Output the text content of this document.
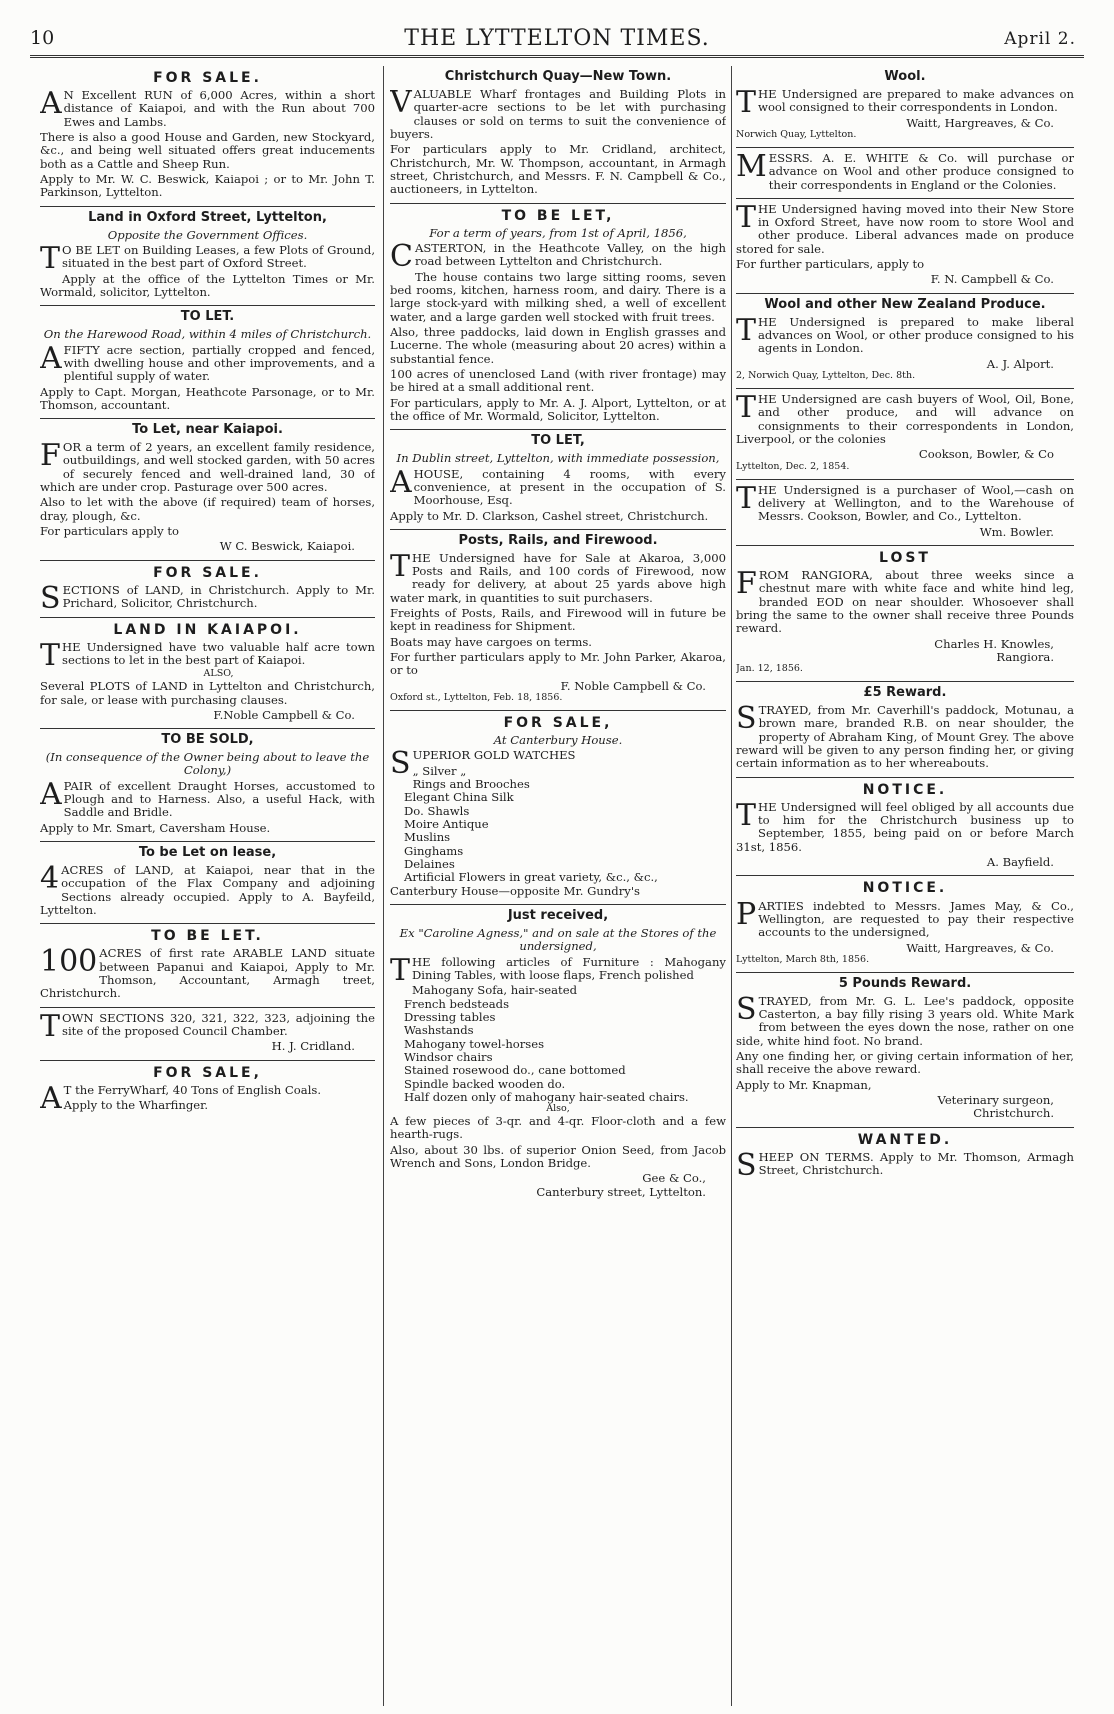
10	THE LYTTELTON TIMES.	April 2.
FOR SALE.

A N Excellent RUN of 6,000 Acres, within a short distance of Kaiapoi, and with the Run about 700 Ewes and Lambs.

There is also a good House and Garden, new Stockyard, &c., and being well situated offers great inducements both as a Cattle and Sheep Run.

Apply to Mr. W. C. Beswick, Kaiapoi ; or to Mr. John T. Parkinson, Lyttelton.

Land in Oxford Street, Lyttelton,
Opposite the Government Offices.

T O BE LET on Building Leases, a few Plots of Ground, situated in the best part of Oxford Street.

Apply at the office of the Lyttelton Times or Mr. Wormald, solicitor, Lyttelton.

TO LET.
On the Harewood Road, within 4 miles of Christchurch.

AFIFTY acre section, partially cropped and fenced, with dwelling house and other improvements, and a plentiful supply of water.

Apply to Capt. Morgan, Heathcote Parsonage, or to Mr. Thomson, accountant.

To Let, near Kaiapoi.

FOR a term of 2 years, an excellent family residence, outbuildings, and well stocked garden, with 50 acres of securely fenced and well-drained land, 30 of which are under crop. Pasturage over 500 acres.

Also to let with the above (if required) team of horses, dray, plough, &c.

For particulars apply to

W C. Beswick, Kaiapoi.
FOR SALE.

SECTIONS of LAND, in Christchurch. Apply to Mr. Prichard, Solicitor, Christchurch.

LAND IN KAIAPOI.

THE Undersigned have two valuable half acre town sections to let in the best part of Kaiapoi.

ALSO,

Several PLOTS of LAND in Lyttelton and Christchurch, for sale, or lease with purchasing clauses.

F.Noble Campbell & Co.
TO BE SOLD,
(In consequence of the Owner being about to leave the Colony,)

APAIR of excellent Draught Horses, accustomed to Plough and to Harness. Also, a useful Hack, with Saddle and Bridle.

Apply to Mr. Smart, Caversham House.

To be Let on lease,

4 ACRES of LAND, at Kaiapoi, near that in the occupation of the Flax Company and adjoining Sections already occupied. Apply to A. Bayfeild, Lyttelton.

TO BE LET.

100 ACRES of first rate ARABLE LAND situate between Papanui and Kaiapoi, Apply to Mr. Thomson, Accountant, Armagh treet, Christchurch.

TOWN SECTIONS 320, 321, 322, 323, adjoining the site of the proposed Council Chamber.

H. J. Cridland.
FOR SALE,

A T the FerryWharf, 40 Tons of English Coals.

Apply to the Wharfinger.

Christchurch Quay—New Town.

VALUABLE Wharf frontages and Building Plots in quarter-acre sections to be let with purchasing clauses or sold on terms to suit the convenience of buyers.

For particulars apply to Mr. Cridland, architect, Christchurch, Mr. W. Thompson, accountant, in Armagh street, Christchurch, and Messrs. F. N. Campbell & Co., auctioneers, in Lyttelton.

TO BE LET,
For a term of years, from 1st of April, 1856,

CASTERTON, in the Heathcote Valley, on the high road between Lyttelton and Christchurch.

The house contains two large sitting rooms, seven bed rooms, kitchen, harness room, and dairy. There is a large stock-yard with milking shed, a well of excellent water, and a large garden well stocked with fruit trees.

Also, three paddocks, laid down in English grasses and Lucerne. The whole (measuring about 20 acres) within a substantial fence.

100 acres of unenclosed Land (with river frontage) may be hired at a small additional rent.

For particulars, apply to Mr. A. J. Alport, Lyttelton, or at the office of Mr. Wormald, Solicitor, Lyttelton.

TO LET,
In Dublin street, Lyttelton, with immediate possession,

AHOUSE, containing 4 rooms, with every convenience, at present in the occupation of S. Moorhouse, Esq.

Apply to Mr. D. Clarkson, Cashel street, Christchurch.

Posts, Rails, and Firewood.

THE Undersigned have for Sale at Akaroa, 3,000 Posts and Rails, and 100 cords of Firewood, now ready for delivery, at about 25 yards above high water mark, in quantities to suit purchasers.

Freights of Posts, Rails, and Firewood will in future be kept in readiness for Shipment.

Boats may have cargoes on terms.

For further particulars apply to Mr. John Parker, Akaroa, or to

F. Noble Campbell & Co.
Oxford st., Lyttelton, Feb. 18, 1856.
FOR SALE,
At Canterbury House.

SUPERIOR GOLD WATCHES

„ Silver „
Rings and Brooches
Elegant China Silk
Do. Shawls
Moire Antique
Muslins
Ginghams
Delaines
Artificial Flowers in great variety, &c., &c.,

Canterbury House—opposite Mr. Gundry's

Just received,
Ex "Caroline Agness," and on sale at the Stores of the undersigned,

THE following articles of Furniture : Mahogany Dining Tables, with loose flaps, French polished

Mahogany Sofa, hair-seated
French bedsteads
Dressing tables
Washstands
Mahogany towel-horses
Windsor chairs
Stained rosewood do., cane bottomed
Spindle backed wooden do.
Half dozen only of mahogany hair-seated chairs.
Also,

A few pieces of 3-qr. and 4-qr. Floor-cloth and a few hearth-rugs.

Also, about 30 lbs. of superior Onion Seed, from Jacob Wrench and Sons, London Bridge.

Gee & Co.,
Canterbury street, Lyttelton.
Wool.

THE Undersigned are prepared to make advances on wool consigned to their correspondents in London.

Waitt, Hargreaves, & Co.
Norwich Quay, Lyttelton.

MESSRS. A. E. WHITE & Co. will purchase or advance on Wool and other produce consigned to their correspondents in England or the Colonies.

THE Undersigned having moved into their New Store in Oxford Street, have now room to store Wool and other produce. Liberal advances made on produce stored for sale.

For further particulars, apply to

F. N. Campbell & Co.
Wool and other New Zealand Produce.

THE Undersigned is prepared to make liberal advances on Wool, or other produce consigned to his agents in London.

A. J. Alport.
2, Norwich Quay, Lyttelton, Dec. 8th.

THE Undersigned are cash buyers of Wool, Oil, Bone, and other produce, and will advance on consignments to their correspondents in London, Liverpool, or the colonies

Cookson, Bowler, & Co
Lyttelton, Dec. 2, 1854.

THE Undersigned is a purchaser of Wool,—cash on delivery at Wellington, and to the Warehouse of Messrs. Cookson, Bowler, and Co., Lyttelton.

Wm. Bowler.
LOST

FROM RANGIORA, about three weeks since a chestnut mare with white face and white hind leg, branded EOD on near shoulder. Whosoever shall bring the same to the owner shall receive three Pounds reward.

Charles H. Knowles,
Rangiora.
Jan. 12, 1856.
£5 Reward.

STRAYED, from Mr. Caverhill's paddock, Motunau, a brown mare, branded R.B. on near shoulder, the property of Abraham King, of Mount Grey. The above reward will be given to any person finding her, or giving certain information as to her whereabouts.

NOTICE.

THE Undersigned will feel obliged by all accounts due to him for the Christchurch business up to September, 1855, being paid on or before March 31st, 1856.

A. Bayfield.
NOTICE.

PARTIES indebted to Messrs. James May, & Co., Wellington, are requested to pay their respective accounts to the undersigned,

Waitt, Hargreaves, & Co.
Lyttelton, March 8th, 1856.
5 Pounds Reward.

STRAYED, from Mr. G. L. Lee's paddock, opposite Casterton, a bay filly rising 3 years old. White Mark from between the eyes down the nose, rather on one side, white hind foot. No brand.

Any one finding her, or giving certain information of her, shall receive the above reward.

Apply to Mr. Knapman,

Veterinary surgeon,
Christchurch.
WANTED.

SHEEP ON TERMS. Apply to Mr. Thomson, Armagh Street, Christchurch.
